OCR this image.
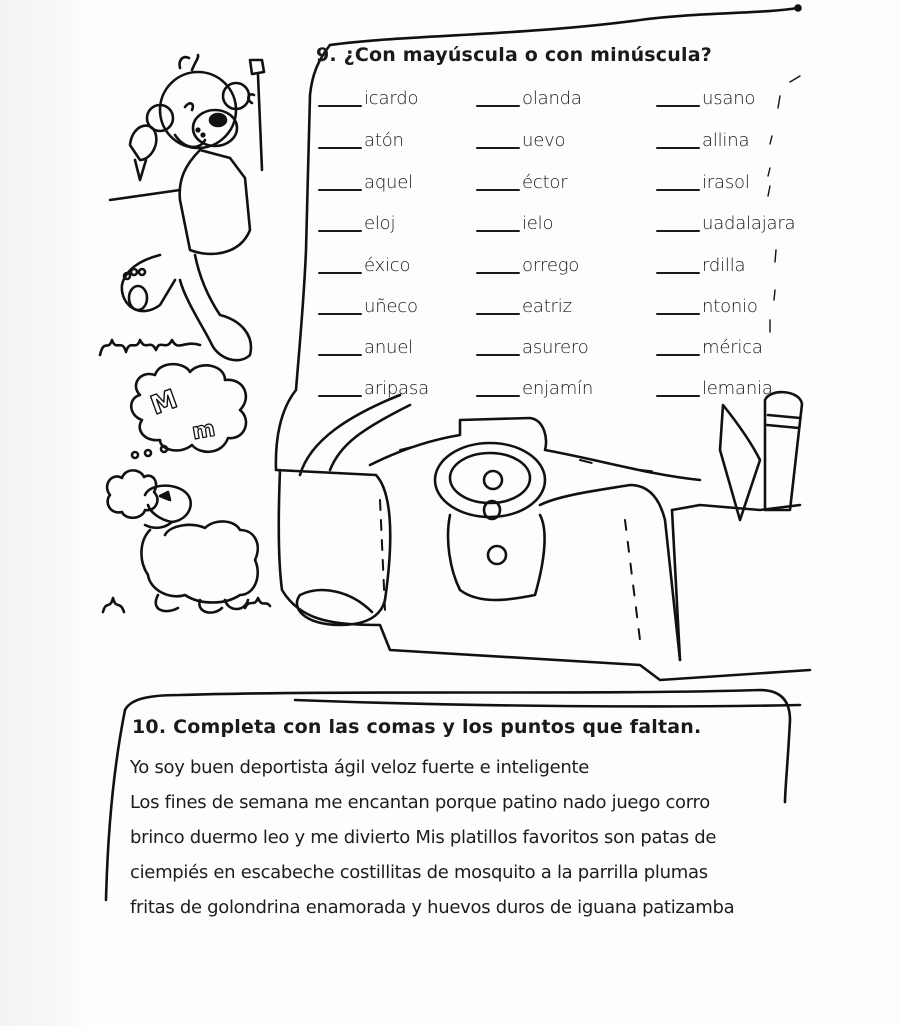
M
m
9. ¿Con mayúscula o con minúscula?
icardo	olanda	usano
atón	uevo	allina
aquel	éctor	irasol
eloj	ielo	uadalajara
éxico	orrego	rdilla
uñeco	eatriz	ntonio
anuel	asurero	mérica
aripasa	enjamín	lemania
10. Completa con las comas y los puntos que faltan.
Yo soy buen deportista ágil veloz fuerte e inteligente
Los fines de semana me encantan porque patino nado juego corro
brinco duermo leo y me divierto Mis platillos favoritos son patas de
ciempiés en escabeche costillitas de mosquito a la parrilla plumas
fritas de golondrina enamorada y huevos duros de iguana patizamba
